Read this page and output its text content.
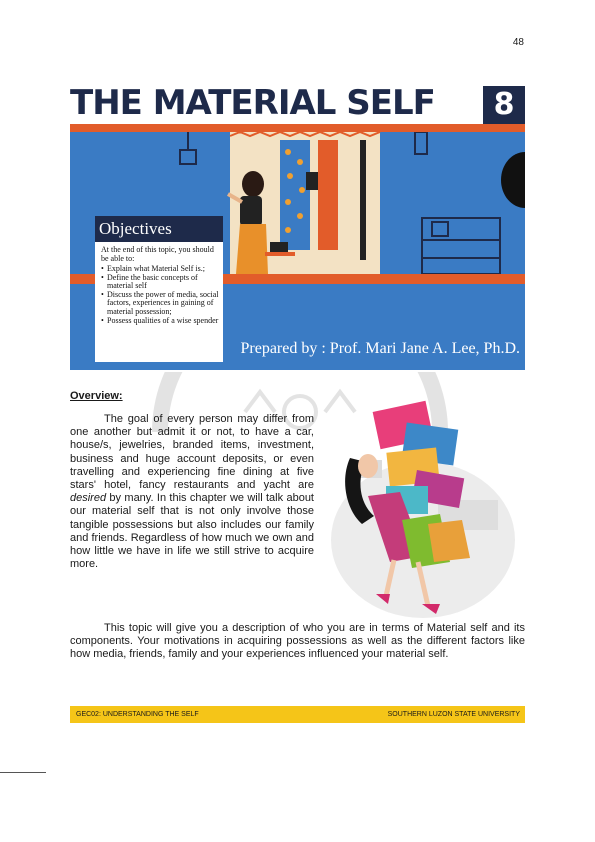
48
THE MATERIAL SELF	8
Objectives
At the end of this topic, you should be able to:
• Explain what Material Self is.;
• Define the basic concepts of material self
• Discuss the power of media, social factors, experiences in gaining of material possession;
• Possess qualities of a wise spender
Prepared by : Prof. Mari Jane A. Lee, Ph.D.
Overview:
The goal of every person may differ from one another but admit it or not, to have a car, house/s, jewelries, branded items, investment, business and huge account deposits, or even travelling and experiencing fine dining at five stars' hotel, fancy restaurants and yacht are desired by many. In this chapter we will talk about our material self that is not only involve those tangible possessions but also includes our family and friends. Regardless of how much we own and how little we have in life we still strive to acquire more.
This topic will give you a description of who you are in terms of Material self and its components. Your motivations in acquiring possessions as well as the different factors like how media, friends, family and your experiences influenced your material self.
GEC02: UNDERSTANDING THE SELF	SOUTHERN LUZON STATE UNIVERSITY
